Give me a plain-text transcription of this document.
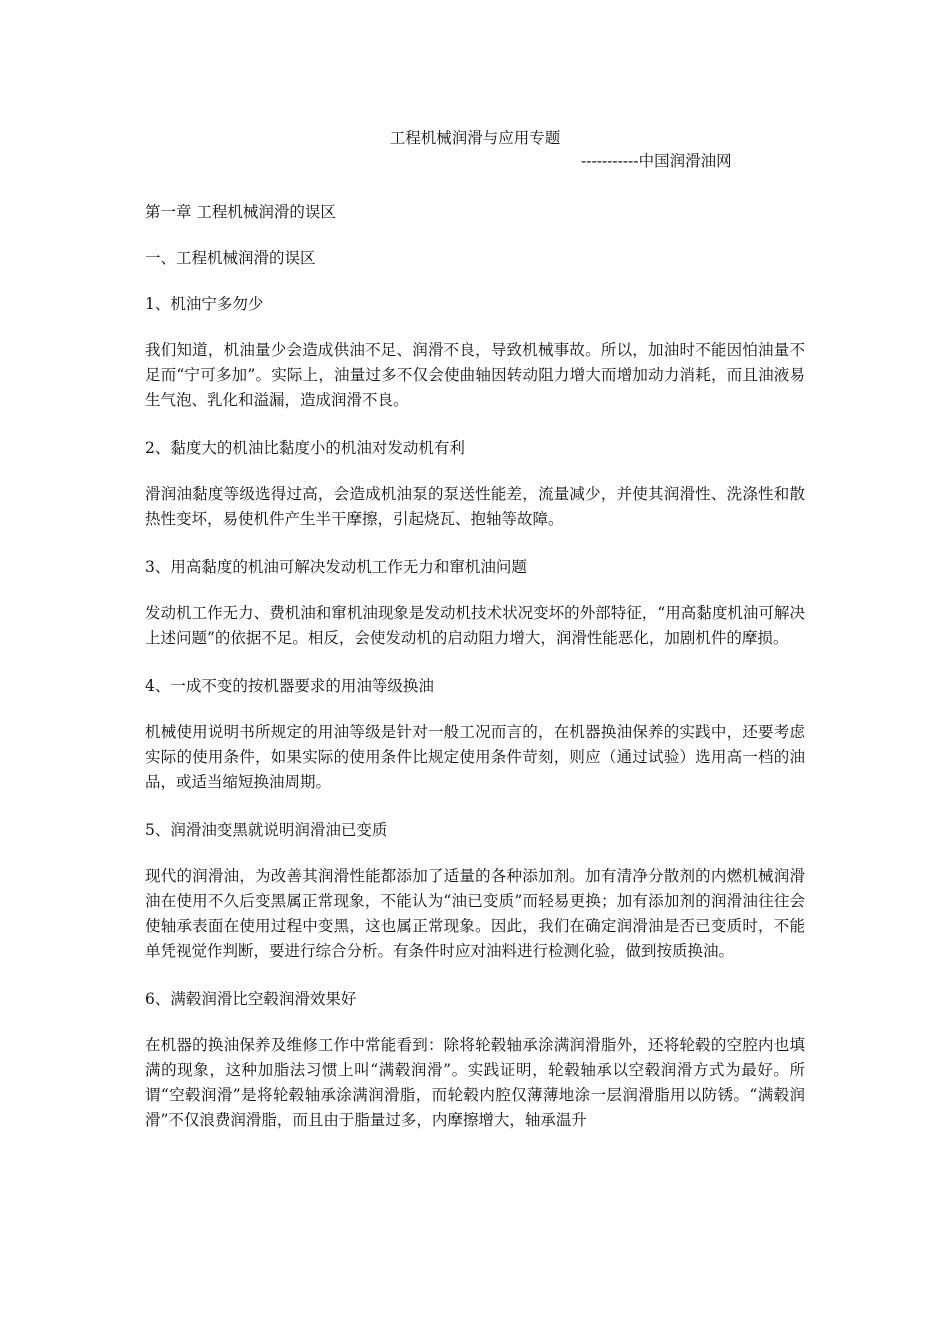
工程机械润滑与应用专题
-----------中国润滑油网
第一章 工程机械润滑的误区
一、工程机械润滑的误区
1、机油宁多勿少
我们知道，机油量少会造成供油不足、润滑不良，导致机械事故。所以，加油时不能因怕油量不足而“宁可多加”。实际上，油量过多不仅会使曲轴因转动阻力增大而增加动力消耗，而且油液易生气泡、乳化和溢漏，造成润滑不良。
2、黏度大的机油比黏度小的机油对发动机有利
滑润油黏度等级选得过高，会造成机油泵的泵送性能差，流量减少，并使其润滑性、洗涤性和散热性变坏，易使机件产生半干摩擦，引起烧瓦、抱轴等故障。
3、用高黏度的机油可解决发动机工作无力和窜机油问题
发动机工作无力、费机油和窜机油现象是发动机技术状况变坏的外部特征，“用高黏度机油可解决上述问题”的依据不足。相反，会使发动机的启动阻力增大，润滑性能恶化，加剧机件的摩损。
4、一成不变的按机器要求的用油等级换油
机械使用说明书所规定的用油等级是针对一般工况而言的，在机器换油保养的实践中，还要考虑实际的使用条件，如果实际的使用条件比规定使用条件苛刻，则应（通过试验）选用高一档的油品，或适当缩短换油周期。
5、润滑油变黑就说明润滑油已变质
现代的润滑油，为改善其润滑性能都添加了适量的各种添加剂。加有清净分散剂的内燃机械润滑油在使用不久后变黑属正常现象，不能认为“油已变质”而轻易更换；加有添加剂的润滑油往往会使轴承表面在使用过程中变黑，这也属正常现象。因此，我们在确定润滑油是否已变质时，不能单凭视觉作判断，要进行综合分析。有条件时应对油料进行检测化验，做到按质换油。
6、满毂润滑比空毂润滑效果好
在机器的换油保养及维修工作中常能看到：除将轮毂轴承涂满润滑脂外，还将轮毂的空腔内也填满的现象，这种加脂法习惯上叫“满毂润滑”。实践证明，轮毂轴承以空毂润滑方式为最好。所谓“空毂润滑”是将轮毂轴承涂满润滑脂，而轮毂内腔仅薄薄地涂一层润滑脂用以防锈。“满毂润滑”不仅浪费润滑脂，而且由于脂量过多，内摩擦增大，轴承温升
